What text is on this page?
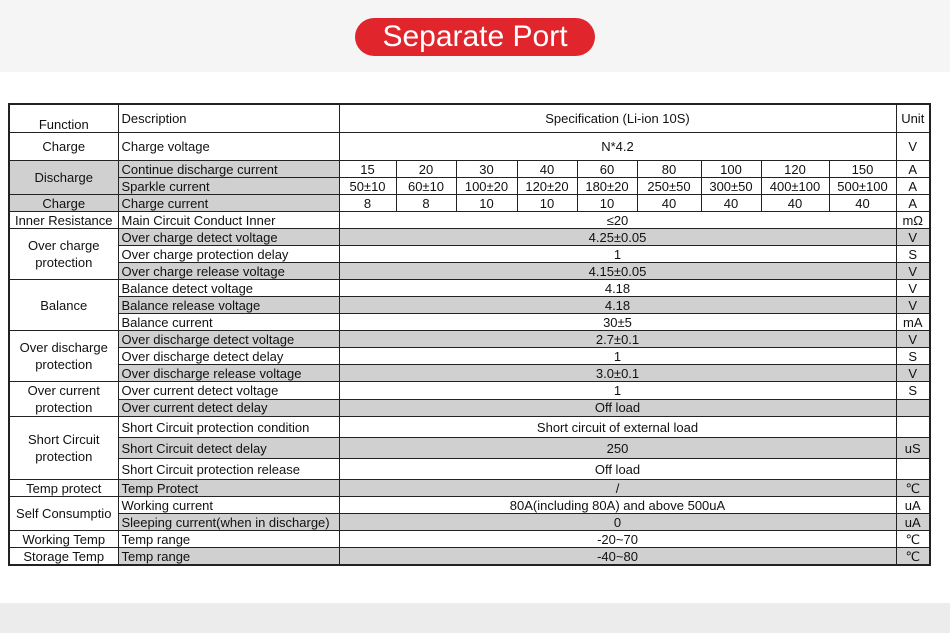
Separate Port
Function	Description	Specification (Li-ion 10S)									Unit
Charge	Charge voltage	N*4.2									V
Discharge	Continue discharge current	15	20	30	40	60	80	100	120	150	A
	Sparkle current	50±10	60±10	100±20	120±20	180±20	250±50	300±50	400±100	500±100	A
Charge	Charge current	8	8	10	10	10	40	40	40	40	A
Inner Resistance	Main Circuit Conduct Inner	≤20									mΩ
Over charge protection	Over charge detect voltage	4.25±0.05									V
	Over charge protection delay	1									S
	Over charge release voltage	4.15±0.05									V
Balance	Balance detect voltage	4.18									V
	Balance release voltage	4.18									V
	Balance current	30±5									mA
Over discharge protection	Over discharge detect voltage	2.7±0.1									V
	Over discharge detect delay	1									S
	Over discharge release voltage	3.0±0.1									V
Over current protection	Over current detect voltage	1									S
	Over current detect delay	Off load									
Short Circuit protection	Short Circuit protection condition	Short circuit of external load									
	Short Circuit detect delay	250									uS
	Short Circuit protection release	Off load									
Temp protect	Temp Protect	/									℃
Self Consumptio	Working current	80A(including 80A) and above 500uA									uA
	Sleeping current(when in discharge)	0									uA
Working Temp	Temp range	-20~70									℃
Storage Temp	Temp range	-40~80									℃
